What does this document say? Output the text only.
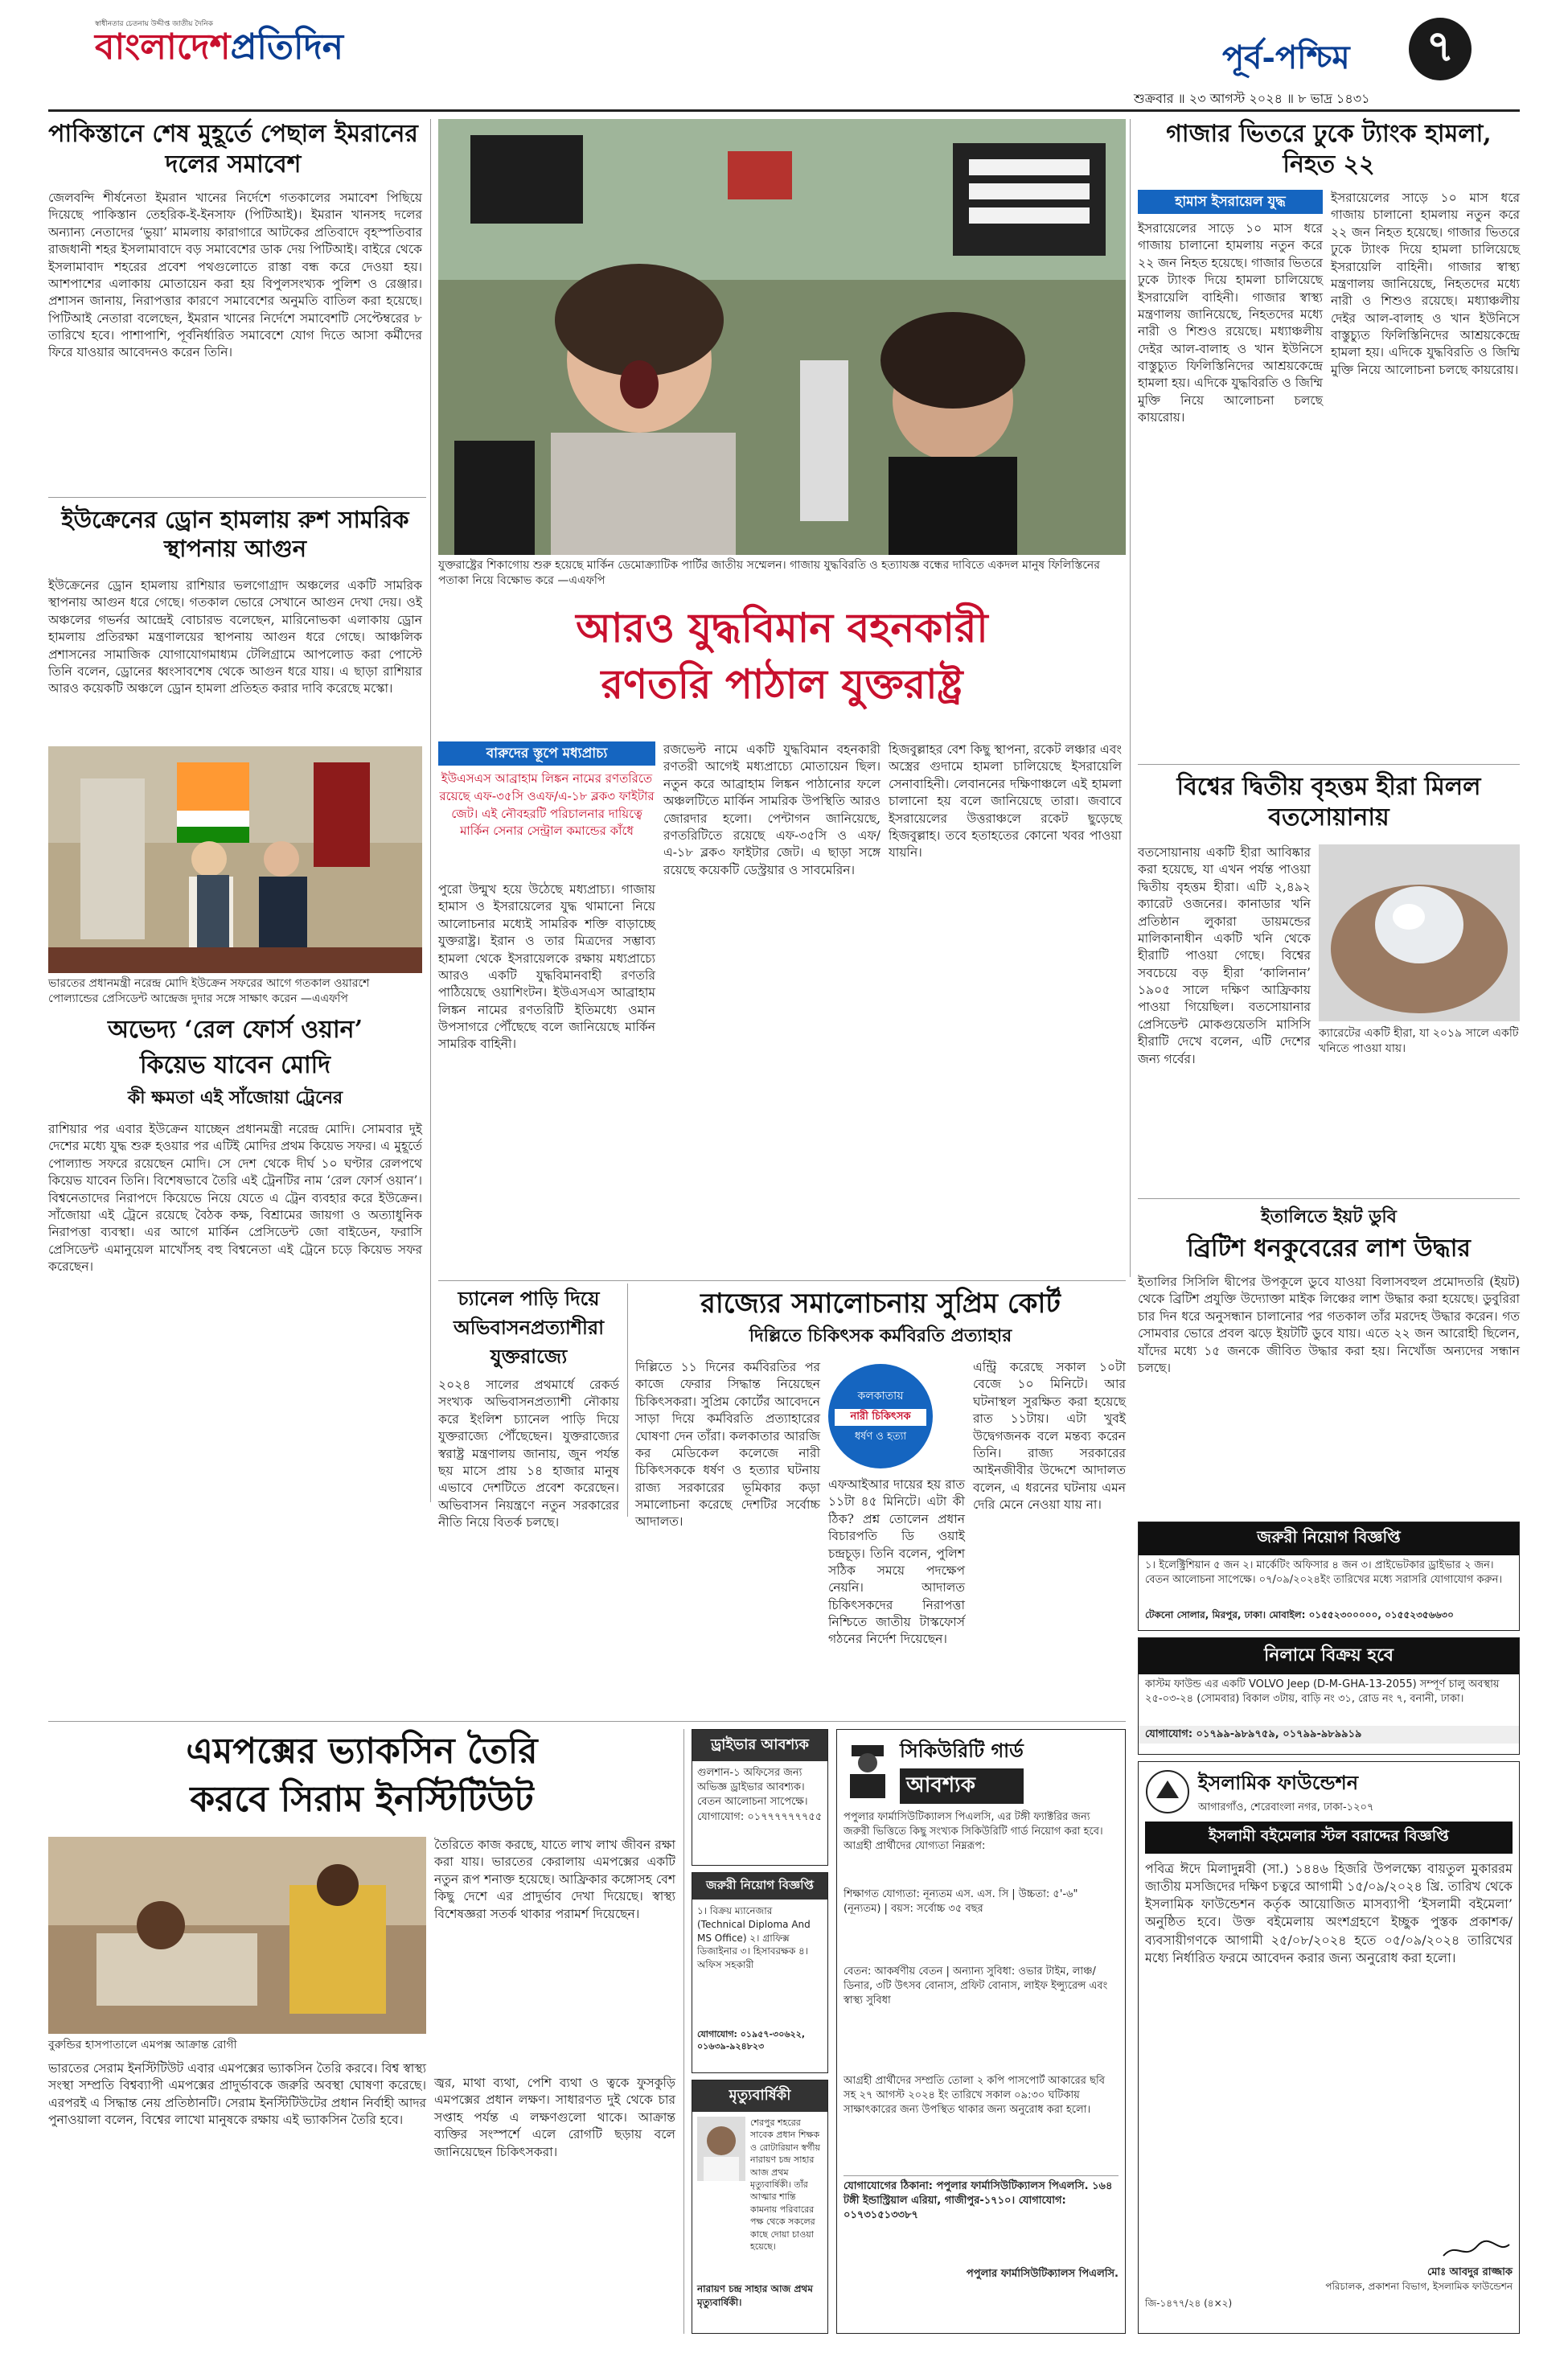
স্বাধীনতার চেতনায় উদ্দীপ্ত জাতীয় দৈনিক
বাংলাদেশপ্রতিদিন	পূর্ব-পশ্চিম	৭
শুক্রবার ॥ ২৩ আগস্ট ২০২৪ ॥ ৮ ভাদ্র ১৪৩১
পাকিস্তানে শেষ মুহূর্তে পেছাল ইমরানের দলের সমাবেশ
জেলবন্দি শীর্ষনেতা ইমরান খানের নির্দেশে গতকালের সমাবেশ পিছিয়ে দিয়েছে পাকিস্তান তেহরিক-ই-ইনসাফ (পিটিআই)। ইমরান খানসহ দলের অন্যান্য নেতাদের ‘ভুয়া’ মামলায় কারাগারে আটকের প্রতিবাদে বৃহস্পতিবার রাজধানী শহর ইসলামাবাদে বড় সমাবেশের ডাক দেয় পিটিআই। বাইরে থেকে ইসলামাবাদ শহরের প্রবেশ পথগুলোতে রাস্তা বন্ধ করে দেওয়া হয়। আশপাশের এলাকায় মোতায়েন করা হয় বিপুলসংখ্যক পুলিশ ও রেঞ্জার। প্রশাসন জানায়, নিরাপত্তার কারণে সমাবেশের অনুমতি বাতিল করা হয়েছে। পিটিআই নেতারা বলেছেন, ইমরান খানের নির্দেশে সমাবেশটি সেপ্টেম্বরের ৮ তারিখে হবে। পাশাপাশি, পূর্বনির্ধারিত সমাবেশে যোগ দিতে আসা কর্মীদের ফিরে যাওয়ার আবেদনও করেন তিনি।
ইউক্রেনের ড্রোন হামলায় রুশ সামরিক স্থাপনায় আগুন
ইউক্রেনের ড্রোন হামলায় রাশিয়ার ভলগোগ্রাদ অঞ্চলের একটি সামরিক স্থাপনায় আগুন ধরে গেছে। গতকাল ভোরে সেখানে আগুন দেখা দেয়। ওই অঞ্চলের গভর্নর আন্দ্রেই বোচারভ বলেছেন, মারিনোভকা এলাকায় ড্রোন হামলায় প্রতিরক্ষা মন্ত্রণালয়ের স্থাপনায় আগুন ধরে গেছে। আঞ্চলিক প্রশাসনের সামাজিক যোগাযোগমাধ্যম টেলিগ্রামে আপলোড করা পোস্টে তিনি বলেন, ড্রোনের ধ্বংসাবশেষ থেকে আগুন ধরে যায়। এ ছাড়া রাশিয়ার আরও কয়েকটি অঞ্চলে ড্রোন হামলা প্রতিহত করার দাবি করেছে মস্কো।
ভারতের প্রধানমন্ত্রী নরেন্দ্র মোদি ইউক্রেন সফরের আগে গতকাল ওয়ারশে পোল্যান্ডের প্রেসিডেন্ট আন্দ্রেজ দুদার সঙ্গে সাক্ষাৎ করেন —এএফপি
অভেদ্য ‘রেল ফোর্স ওয়ান’
কিয়েভ যাবেন মোদি
কী ক্ষমতা এই সাঁজোয়া ট্রেনের
রাশিয়ার পর এবার ইউক্রেন যাচ্ছেন প্রধানমন্ত্রী নরেন্দ্র মোদি। সোমবার দুই দেশের মধ্যে যুদ্ধ শুরু হওয়ার পর এটিই মোদির প্রথম কিয়েভ সফর। এ মুহূর্তে পোল্যান্ড সফরে রয়েছেন মোদি। সে দেশ থেকে দীর্ঘ ১০ ঘণ্টার রেলপথে কিয়েভ যাবেন তিনি। বিশেষভাবে তৈরি এই ট্রেনটির নাম ‘রেল ফোর্স ওয়ান’। বিশ্বনেতাদের নিরাপদে কিয়েভে নিয়ে যেতে এ ট্রেন ব্যবহার করে ইউক্রেন। সাঁজোয়া এই ট্রেনে রয়েছে বৈঠক কক্ষ, বিশ্রামের জায়গা ও অত্যাধুনিক নিরাপত্তা ব্যবস্থা। এর আগে মার্কিন প্রেসিডেন্ট জো বাইডেন, ফরাসি প্রেসিডেন্ট এমানুয়েল মাখোঁসহ বহু বিশ্বনেতা এই ট্রেনে চড়ে কিয়েভ সফর করেছেন।
যুক্তরাষ্ট্রের শিকাগোয় শুরু হয়েছে মার্কিন ডেমোক্র্যাটিক পার্টির জাতীয় সম্মেলন। গাজায় যুদ্ধবিরতি ও হত্যাযজ্ঞ বন্ধের দাবিতে একদল মানুষ ফিলিস্তিনের পতাকা নিয়ে বিক্ষোভ করে —এএফপি
আরও যুদ্ধবিমান বহনকারী
রণতরি পাঠাল যুক্তরাষ্ট্র
বারুদের স্তূপে মধ্যপ্রাচ্য
ইউএসএস আব্রাহাম লিঙ্কন নামের রণতরিতে রয়েছে এফ-৩৫সি ওএফ/এ-১৮ ব্লক৩ ফাইটার জেট। এই নৌবহরটি পরিচালনার দায়িত্বে মার্কিন সেনার সেন্ট্রাল কমান্ডের কাঁধে
পুরো উন্মুখ হয়ে উঠেছে মধ্যপ্রাচ্য। গাজায় হামাস ও ইসরায়েলের যুদ্ধ থামানো নিয়ে আলোচনার মধ্যেই সামরিক শক্তি বাড়াচ্ছে যুক্তরাষ্ট্র। ইরান ও তার মিত্রদের সম্ভাব্য হামলা থেকে ইসরায়েলকে রক্ষায় মধ্যপ্রাচ্যে আরও একটি যুদ্ধবিমানবাহী রণতরি পাঠিয়েছে ওয়াশিংটন। ইউএসএস আব্রাহাম লিঙ্কন নামের রণতরিটি ইতিমধ্যে ওমান উপসাগরে পৌঁছেছে বলে জানিয়েছে মার্কিন সামরিক বাহিনী।
রজভেল্ট নামে একটি যুদ্ধবিমান বহনকারী রণতরী আগেই মধ্যপ্রাচ্যে মোতায়েন ছিল। নতুন করে আব্রাহাম লিঙ্কন পাঠানোর ফলে অঞ্চলটিতে মার্কিন সামরিক উপস্থিতি আরও জোরদার হলো। পেন্টাগন জানিয়েছে, রণতরিটিতে রয়েছে এফ-৩৫সি ও এফ/এ-১৮ ব্লক৩ ফাইটার জেট। এ ছাড়া সঙ্গে রয়েছে কয়েকটি ডেস্ট্রয়ার ও সাবমেরিন।
হিজবুল্লাহর বেশ কিছু স্থাপনা, রকেট লঞ্চার এবং অস্ত্রের গুদামে হামলা চালিয়েছে ইসরায়েলি সেনাবাহিনী। লেবাননের দক্ষিণাঞ্চলে এই হামলা চালানো হয় বলে জানিয়েছে তারা। জবাবে ইসরায়েলের উত্তরাঞ্চলে রকেট ছুড়েছে হিজবুল্লাহ। তবে হতাহতের কোনো খবর পাওয়া যায়নি।
গাজার ভিতরে ঢুকে ট্যাংক হামলা, নিহত ২২
হামাস ইসরায়েল যুদ্ধ
ইসরায়েলের সাড়ে ১০ মাস ধরে গাজায় চালানো হামলায় নতুন করে ২২ জন নিহত হয়েছে। গাজার ভিতরে ঢুকে ট্যাংক দিয়ে হামলা চালিয়েছে ইসরায়েলি বাহিনী। গাজার স্বাস্থ্য মন্ত্রণালয় জানিয়েছে, নিহতদের মধ্যে নারী ও শিশুও রয়েছে। মধ্যাঞ্চলীয় দেইর আল-বালাহ ও খান ইউনিসে বাস্তুচ্যুত ফিলিস্তিনিদের আশ্রয়কেন্দ্রে হামলা হয়। এদিকে যুদ্ধবিরতি ও জিম্মি মুক্তি নিয়ে আলোচনা চলছে কায়রোয়।
ইসরায়েলের সাড়ে ১০ মাস ধরে গাজায় চালানো হামলায় নতুন করে ২২ জন নিহত হয়েছে। গাজার ভিতরে ঢুকে ট্যাংক দিয়ে হামলা চালিয়েছে ইসরায়েলি বাহিনী। গাজার স্বাস্থ্য মন্ত্রণালয় জানিয়েছে, নিহতদের মধ্যে নারী ও শিশুও রয়েছে। মধ্যাঞ্চলীয় দেইর আল-বালাহ ও খান ইউনিসে বাস্তুচ্যুত ফিলিস্তিনিদের আশ্রয়কেন্দ্রে হামলা হয়। এদিকে যুদ্ধবিরতি ও জিম্মি মুক্তি নিয়ে আলোচনা চলছে কায়রোয়।
বিশ্বের দ্বিতীয় বৃহত্তম হীরা মিলল বতসোয়ানায়
বতসোয়ানায় একটি হীরা আবিষ্কার করা হয়েছে, যা এখন পর্যন্ত পাওয়া দ্বিতীয় বৃহত্তম হীরা। এটি ২,৪৯২ ক্যারেট ওজনের। কানাডার খনি প্রতিষ্ঠান লুকারা ডায়মন্ডের মালিকানাধীন একটি খনি থেকে হীরাটি পাওয়া গেছে। বিশ্বের সবচেয়ে বড় হীরা ‘কালিনান’ ১৯০৫ সালে দক্ষিণ আফ্রিকায় পাওয়া গিয়েছিল। বতসোয়ানার প্রেসিডেন্ট মোকগুয়েতসি মাসিসি হীরাটি দেখে বলেন, এটি দেশের জন্য গর্বের।
ক্যারেটের একটি হীরা, যা ২০১৯ সালে একটি খনিতে পাওয়া যায়।
ইতালিতে ইয়ট ডুবি
ব্রিটিশ ধনকুবেরের লাশ উদ্ধার
ইতালির সিসিলি দ্বীপের উপকূলে ডুবে যাওয়া বিলাসবহুল প্রমোদতরি (ইয়ট) থেকে ব্রিটিশ প্রযুক্তি উদ্যোক্তা মাইক লিঞ্চের লাশ উদ্ধার করা হয়েছে। ডুবুরিরা চার দিন ধরে অনুসন্ধান চালানোর পর গতকাল তাঁর মরদেহ উদ্ধার করেন। গত সোমবার ভোরে প্রবল ঝড়ে ইয়টটি ডুবে যায়। এতে ২২ জন আরোহী ছিলেন, যাঁদের মধ্যে ১৫ জনকে জীবিত উদ্ধার করা হয়। নিখোঁজ অন্যদের সন্ধান চলছে।
চ্যানেল পাড়ি দিয়ে
অভিবাসনপ্রত্যাশীরা
যুক্তরাজ্যে
২০২৪ সালের প্রথমার্ধে রেকর্ড সংখ্যক অভিবাসনপ্রত্যাশী নৌকায় করে ইংলিশ চ্যানেল পাড়ি দিয়ে যুক্তরাজ্যে পৌঁছেছেন। যুক্তরাজ্যের স্বরাষ্ট্র মন্ত্রণালয় জানায়, জুন পর্যন্ত ছয় মাসে প্রায় ১৪ হাজার মানুষ এভাবে দেশটিতে প্রবেশ করেছেন। অভিবাসন নিয়ন্ত্রণে নতুন সরকারের নীতি নিয়ে বিতর্ক চলছে।
রাজ্যের সমালোচনায় সুপ্রিম কোর্ট
দিল্লিতে চিকিৎসক কর্মবিরতি প্রত্যাহার
কলকাতায়
নারী চিকিৎসক
ধর্ষণ ও হত্যা
দিল্লিতে ১১ দিনের কর্মবিরতির পর কাজে ফেরার সিদ্ধান্ত নিয়েছেন চিকিৎসকরা। সুপ্রিম কোর্টের আবেদনে সাড়া দিয়ে কর্মবিরতি প্রত্যাহারের ঘোষণা দেন তাঁরা। কলকাতার আরজি কর মেডিকেল কলেজে নারী চিকিৎসককে ধর্ষণ ও হত্যার ঘটনায় রাজ্য সরকারের ভূমিকার কড়া সমালোচনা করেছে দেশটির সর্বোচ্চ আদালত।
এফআইআর দায়ের হয় রাত ১১টা ৪৫ মিনিটে। এটা কী ঠিক? প্রশ্ন তোলেন প্রধান বিচারপতি ডি ওয়াই চন্দ্রচূড়। তিনি বলেন, পুলিশ সঠিক সময়ে পদক্ষেপ নেয়নি। আদালত চিকিৎসকদের নিরাপত্তা নিশ্চিতে জাতীয় টাস্কফোর্স গঠনের নির্দেশ দিয়েছেন।
এন্ট্রি করেছে সকাল ১০টা বেজে ১০ মিনিটে। আর ঘটনাস্থল সুরক্ষিত করা হয়েছে রাত ১১টায়। এটা খুবই উদ্বেগজনক বলে মন্তব্য করেন তিনি। রাজ্য সরকারের আইনজীবীর উদ্দেশে আদালত বলেন, এ ধরনের ঘটনায় এমন দেরি মেনে নেওয়া যায় না।
এমপক্সের ভ্যাকসিন তৈরি
করবে সিরাম ইনস্টিটিউট
বুরুন্ডির হাসপাতালে এমপক্স আক্রান্ত রোগী
ভারতের সেরাম ইনস্টিটিউট এবার এমপক্সের ভ্যাকসিন তৈরি করবে। বিশ্ব স্বাস্থ্য সংস্থা সম্প্রতি বিশ্বব্যাপী এমপক্সের প্রাদুর্ভাবকে জরুরি অবস্থা ঘোষণা করেছে। এরপরই এ সিদ্ধান্ত নেয় প্রতিষ্ঠানটি। সেরাম ইনস্টিটিউটের প্রধান নির্বাহী আদর পুনাওয়ালা বলেন, বিশ্বের লাখো মানুষকে রক্ষায় এই ভ্যাকসিন তৈরি হবে।
তৈরিতে কাজ করছে, যাতে লাখ লাখ জীবন রক্ষা করা যায়। ভারতের কেরালায় এমপক্সের একটি নতুন রূপ শনাক্ত হয়েছে। আফ্রিকার কঙ্গোসহ বেশ কিছু দেশে এর প্রাদুর্ভাব দেখা দিয়েছে। স্বাস্থ্য বিশেষজ্ঞরা সতর্ক থাকার পরামর্শ দিয়েছেন।
জ্বর, মাথা ব্যথা, পেশি ব্যথা ও ত্বকে ফুসকুড়ি এমপক্সের প্রধান লক্ষণ। সাধারণত দুই থেকে চার সপ্তাহ পর্যন্ত এ লক্ষণগুলো থাকে। আক্রান্ত ব্যক্তির সংস্পর্শে এলে রোগটি ছড়ায় বলে জানিয়েছেন চিকিৎসকরা।
ড্রাইভার আবশ্যক
গুলশান-১ অফিসের জন্য অভিজ্ঞ ড্রাইভার আবশ্যক। বেতন আলোচনা সাপেক্ষে। যোগাযোগ: ০১৭৭৭৭৭৭৭৫৫
জরুরী নিয়োগ বিজ্ঞপ্তি
১। বিক্রয় ম্যানেজার (Technical Diploma And MS Office) ২। গ্রাফিক্স ডিজাইনার ৩। হিসাবরক্ষক ৪। অফিস সহকারী
যোগাযোগ: ০১৯৫৭-৩০৬২২, ০১৬৩৯-৯২৪৮২৩
মৃত্যুবার্ষিকী
শেরপুর শহরের সাবেক প্রধান শিক্ষক ও রোটারিয়ান স্বর্গীয় নারায়ণ চন্দ্র সাহার আজ প্রথম মৃত্যুবার্ষিকী। তাঁর আত্মার শান্তি কামনায় পরিবারের পক্ষ থেকে সকলের কাছে দোয়া চাওয়া হয়েছে।
নারায়ণ চন্দ্র সাহার আজ প্রথম মৃত্যুবার্ষিকী।
সিকিউরিটি গার্ড
আবশ্যক
পপুলার ফার্মাসিউটিক্যালস পিএলসি, এর টঙ্গী ফ্যাক্টরির জন্য জরুরী ভিত্তিতে কিছু সংখ্যক সিকিউরিটি গার্ড নিয়োগ করা হবে। আগ্রহী প্রার্থীদের যোগ্যতা নিম্নরূপ:
শিক্ষাগত যোগ্যতা: নূন্যতম এস. এস. সি | উচ্চতা: ৫'-৬" (নূন্যতম) | বয়স: সর্বোচ্চ ৩৫ বছর
বেতন: আকর্ষণীয় বেতন | অন্যান্য সুবিধা: ওভার টাইম, লাঞ্চ/ডিনার, ৩টি উৎসব বোনাস, প্রফিট বোনাস, লাইফ ইন্স্যুরেন্স এবং স্বাস্থ্য সুবিধা
আগ্রহী প্রার্থীদের সম্প্রতি তোলা ২ কপি পাসপোর্ট আকারের ছবি সহ ২৭ আগস্ট ২০২৪ ইং তারিখে সকাল ০৯:৩০ ঘটিকায় সাক্ষাৎকারের জন্য উপস্থিত থাকার জন্য অনুরোধ করা হলো।
যোগাযোগের ঠিকানা: পপুলার ফার্মাসিউটিক্যালস পিএলসি. ১৬৪ টঙ্গী ইন্ডাস্ট্রিয়াল এরিয়া, গাজীপুর-১৭১০। যোগাযোগ: ০১৭৩১৫১৩৩৮৭
পপুলার ফার্মাসিউটিক্যালস পিএলসি.
জরুরী নিয়োগ বিজ্ঞপ্তি
১। ইলেক্ট্রিশিয়ান ৫ জন ২। মার্কেটিং অফিসার ৪ জন ৩। প্রাইভেটকার ড্রাইভার ২ জন। বেতন আলোচনা সাপেক্ষে। ০৭/০৯/২০২৪ইং তারিখের মধ্যে সরাসরি যোগাযোগ করুন।
টেকনো সোলার, মিরপুর, ঢাকা। মোবাইল: ০১৫৫২৩০০০০০, ০১৫৫২৩৫৬৬৩০
নিলামে বিক্রয় হবে
কাস্টম ফাউন্ড এর একটি VOLVO Jeep (D-M-GHA-13-2055) সম্পূর্ণ চালু অবস্থায় ২৫-০৩-২৪ (সোমবার) বিকাল ৩টায়, বাড়ি নং ৩১, রোড নং ৭, বনানী, ঢাকা।
যোগাযোগ: ০১৭৯৯-৯৮৯৭৫৯, ০১৭৯৯-৯৮৯৯১৯
ইসলামিক ফাউন্ডেশন
আগারগাঁও, শেরেবাংলা নগর, ঢাকা-১২০৭
ইসলামী বইমেলার স্টল বরাদ্দের বিজ্ঞপ্তি
পবিত্র ঈদে মিলাদুন্নবী (সা.) ১৪৪৬ হিজরি উপলক্ষ্যে বায়তুল মুকাররম জাতীয় মসজিদের দক্ষিণ চত্বরে আগামী ১৫/০৯/২০২৪ খ্রি. তারিখ থেকে ইসলামিক ফাউন্ডেশন কর্তৃক আয়োজিত মাসব্যাপী ‘ইসলামী বইমেলা’ অনুষ্ঠিত হবে। উক্ত বইমেলায় অংশগ্রহণে ইচ্ছুক পুস্তক প্রকাশক/ব্যবসায়ীগণকে আগামী ২৫/০৮/২০২৪ হতে ০৫/০৯/২০২৪ তারিখের মধ্যে নির্ধারিত ফরমে আবেদন করার জন্য অনুরোধ করা হলো।
মোঃ আবদুর রাজ্জাক
পরিচালক, প্রকাশনা বিভাগ, ইসলামিক ফাউন্ডেশন
জি-১৪৭৭/২৪ (৪×২)
